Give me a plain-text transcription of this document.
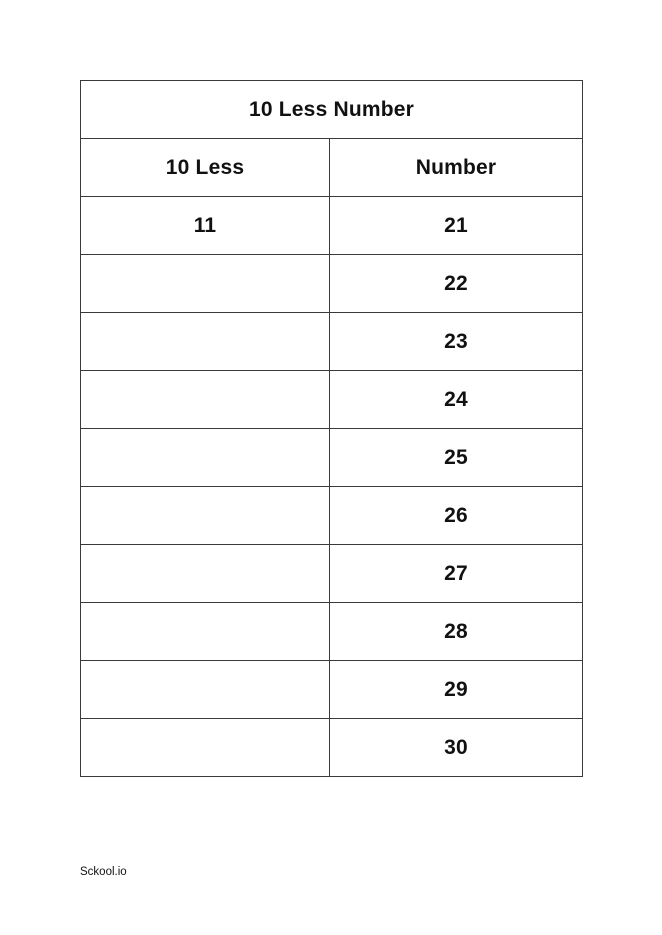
10 Less Number	
10 Less	Number
11	21
	22
	23
	24
	25
	26
	27
	28
	29
	30
Sckool.io
